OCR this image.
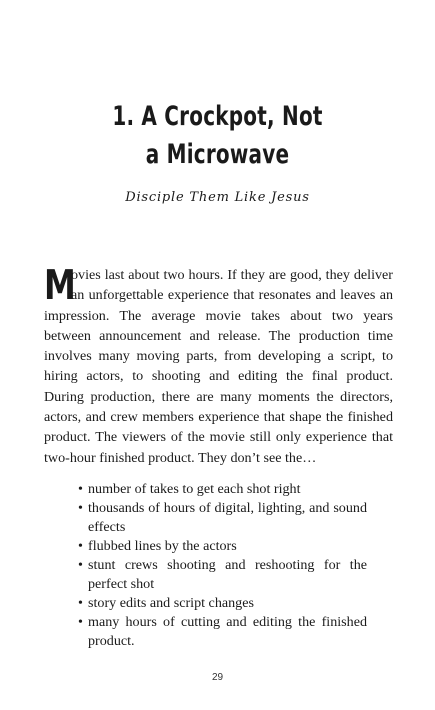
1. A Crockpot, Not
a Microwave
Disciple Them Like Jesus

M
ovies last about two hours. If they are good, they deliver an unforgettable experience that resonates and leaves an impression. The average movie takes about two years between announcement and release. The production time involves many moving parts, from developing a script, to hiring actors, to shooting and editing the final product. During production, there are many moments the directors, actors, and crew members experience that shape the finished product. The viewers of the movie still only experience that two-hour finished product. They don’t see the…

• number of takes to get each shot right
• thousands of hours of digital, lighting, and sound effects
• flubbed lines by the actors
• stunt crews shooting and reshooting for the perfect shot
• story edits and script changes
• many hours of cutting and editing the finished product.
29
